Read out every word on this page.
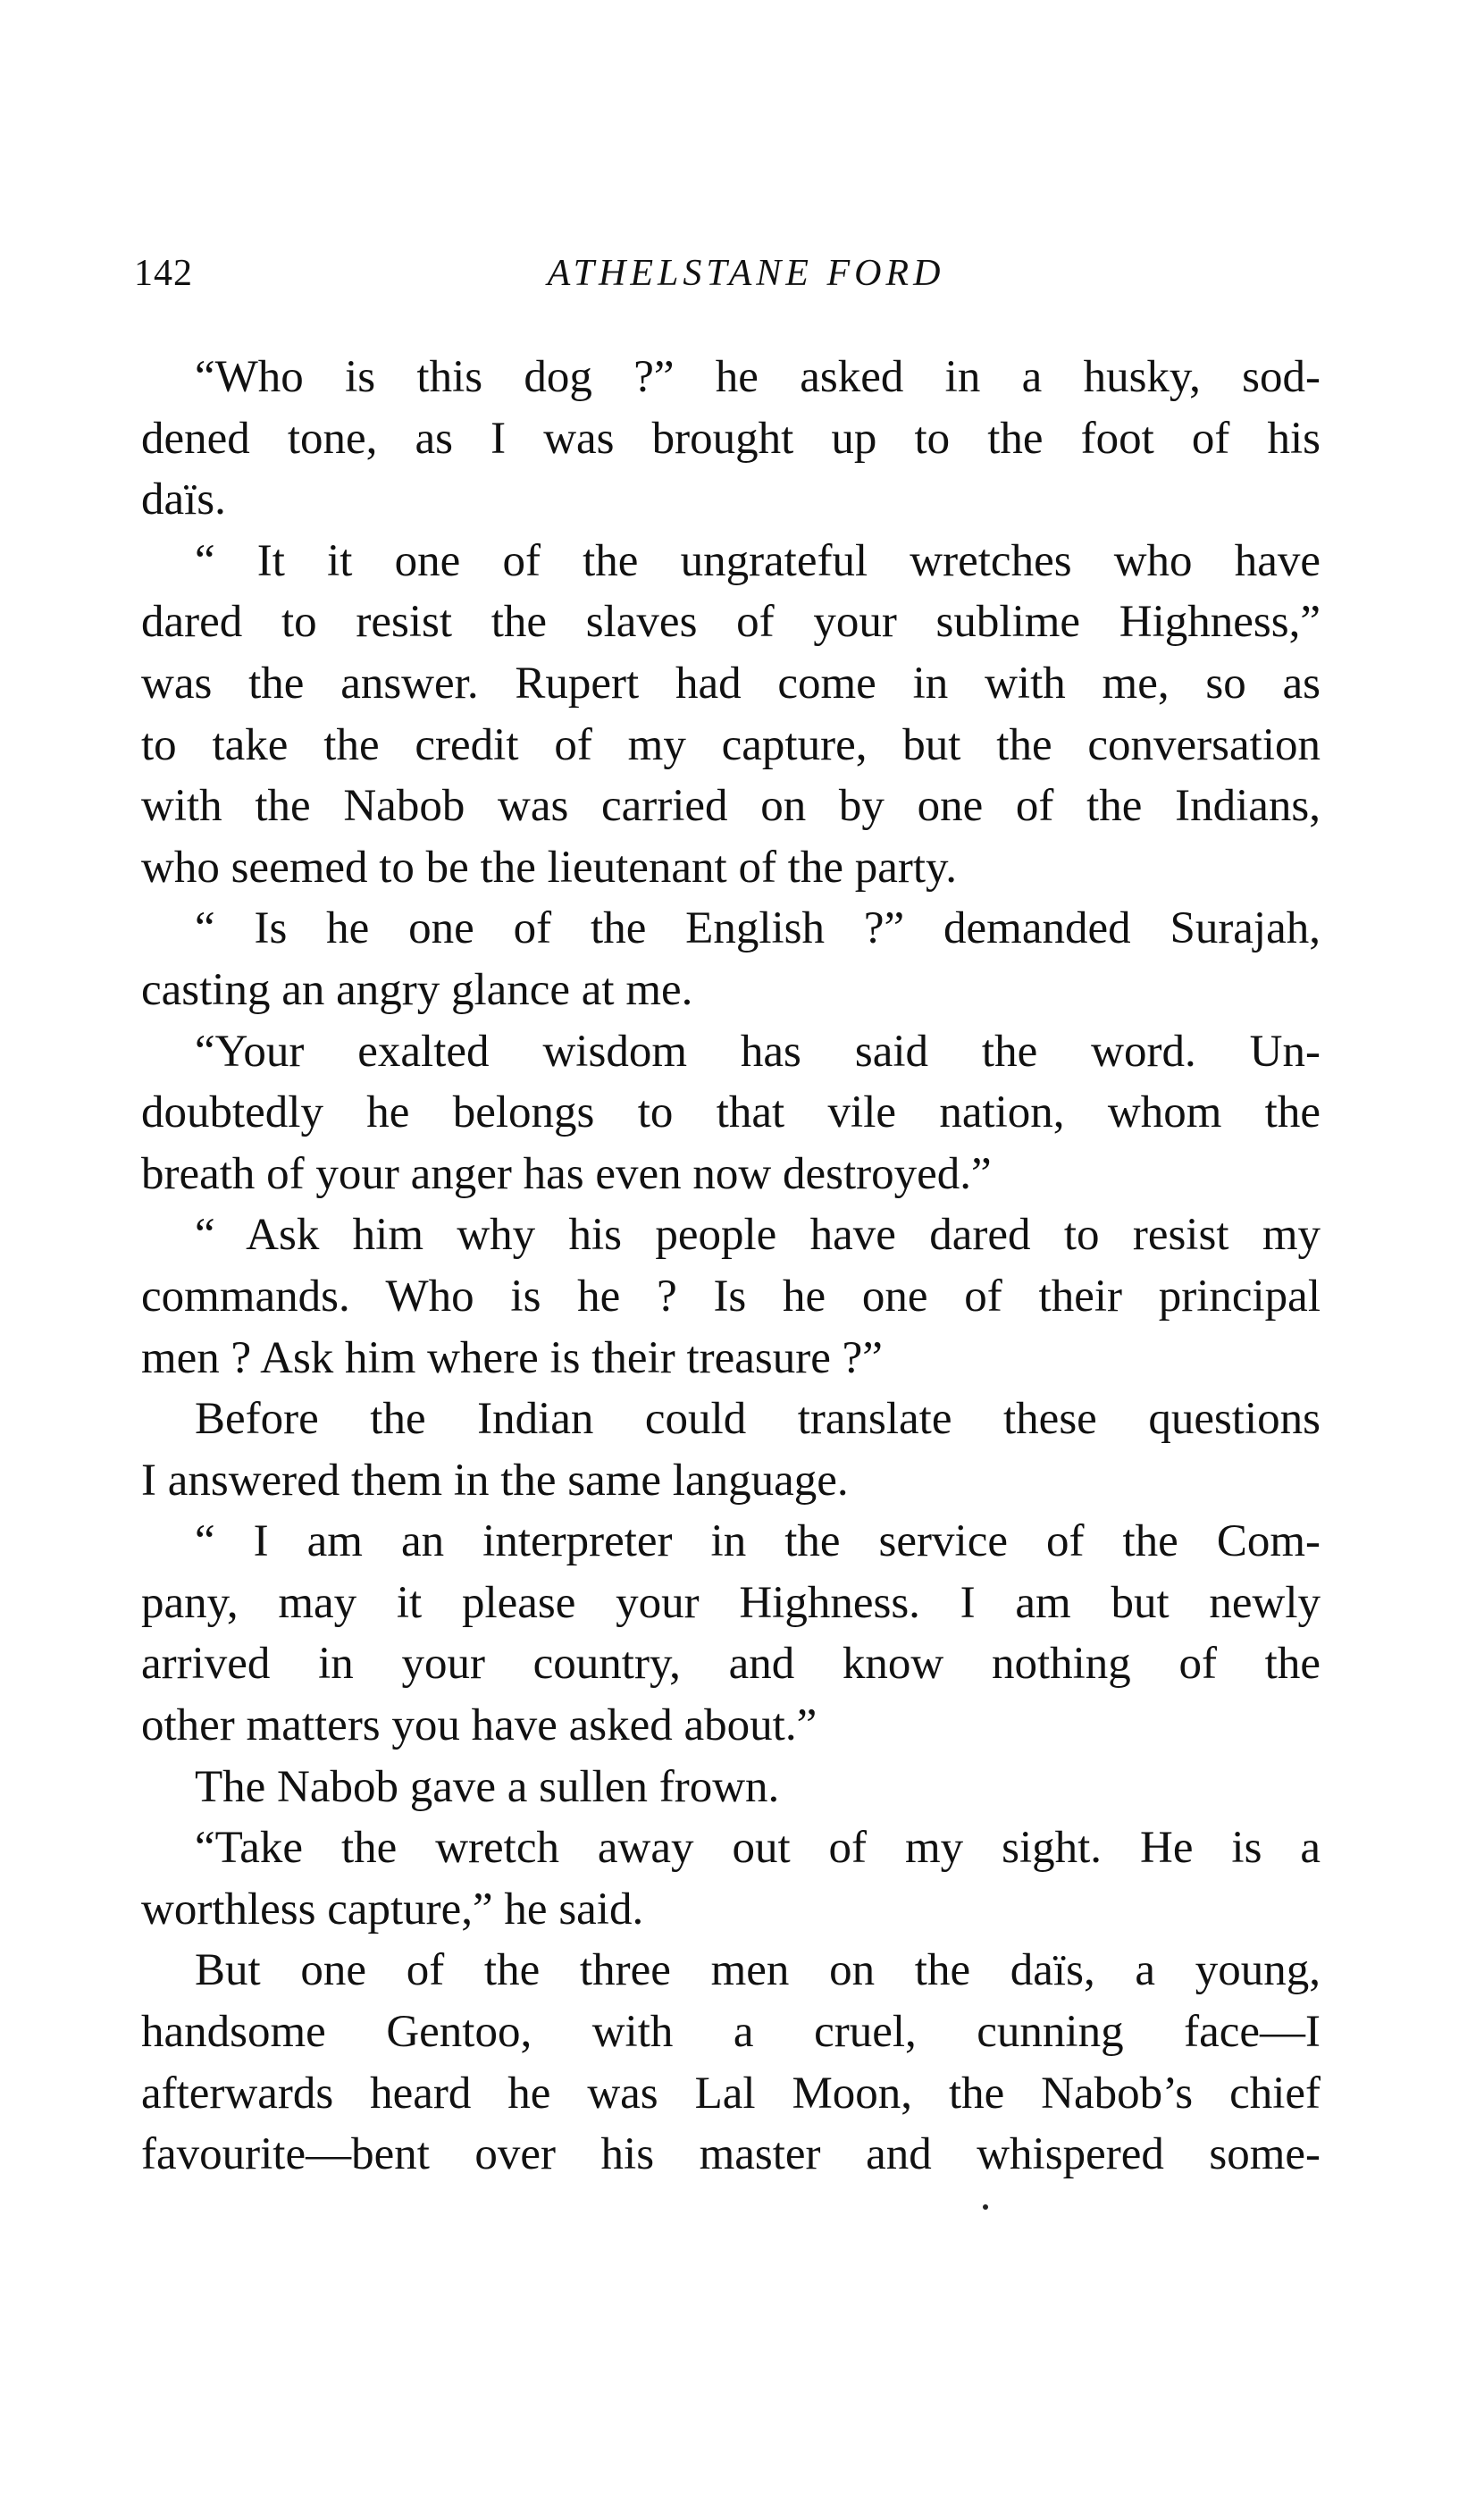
142	ATHELSTANE FORD
“Who is this dog ?” he asked in a husky, sod-
dened tone, as I was brought up to the foot of his
daïs.
“ It it one of the ungrateful wretches who have
dared to resist the slaves of your sublime Highness,”
was the answer. Rupert had come in with me, so as
to take the credit of my capture, but the conversation
with the Nabob was carried on by one of the Indians,
who seemed to be the lieutenant of the party.
“ Is he one of the English ?” demanded Surajah,
casting an angry glance at me.
“Your exalted wisdom has said the word. Un-
doubtedly he belongs to that vile nation, whom the
breath of your anger has even now destroyed.”
“ Ask him why his people have dared to resist my
commands. Who is he ? Is he one of their principal
men ? Ask him where is their treasure ?”
Before the Indian could translate these questions
I answered them in the same language.
“ I am an interpreter in the service of the Com-
pany, may it please your Highness. I am but newly
arrived in your country, and know nothing of the
other matters you have asked about.”
The Nabob gave a sullen frown.
“Take the wretch away out of my sight. He is a
worthless capture,” he said.
But one of the three men on the daïs, a young,
handsome Gentoo, with a cruel, cunning face—I
afterwards heard he was Lal Moon, the Nabob’s chief
favourite—bent over his master and whispered some-
